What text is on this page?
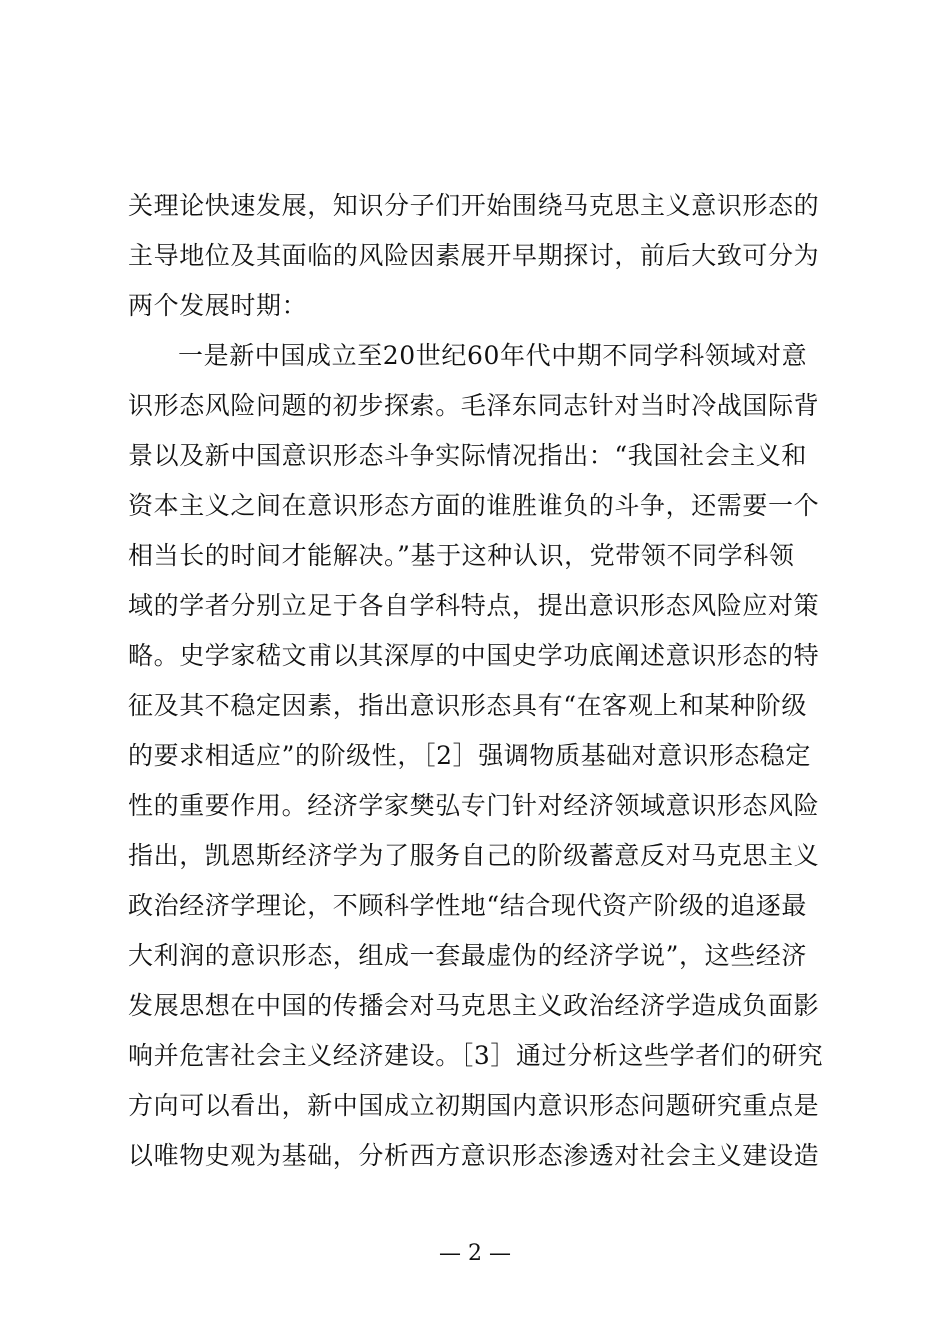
关理论快速发展，知识分子们开始围绕马克思主义意识形态的
主导地位及其面临的风险因素展开早期探讨，前后大致可分为
两个发展时期：
一是新中国成立至20世纪60年代中期不同学科领域对意
识形态风险问题的初步探索。毛泽东同志针对当时冷战国际背
景以及新中国意识形态斗争实际情况指出：“我国社会主义和
资本主义之间在意识形态方面的谁胜谁负的斗争，还需要一个
相当长的时间才能解决。”基于这种认识，党带领不同学科领
域的学者分别立足于各自学科特点，提出意识形态风险应对策
略。史学家嵇文甫以其深厚的中国史学功底阐述意识形态的特
征及其不稳定因素，指出意识形态具有“在客观上和某种阶级
的要求相适应”的阶级性，［2］强调物质基础对意识形态稳定
性的重要作用。经济学家樊弘专门针对经济领域意识形态风险
指出，凯恩斯经济学为了服务自己的阶级蓄意反对马克思主义
政治经济学理论，不顾科学性地“结合现代资产阶级的追逐最
大利润的意识形态，组成一套最虚伪的经济学说”，这些经济
发展思想在中国的传播会对马克思主义政治经济学造成负面影
响并危害社会主义经济建设。［3］通过分析这些学者们的研究
方向可以看出，新中国成立初期国内意识形态问题研究重点是
以唯物史观为基础，分析西方意识形态渗透对社会主义建设造
— 2 —
